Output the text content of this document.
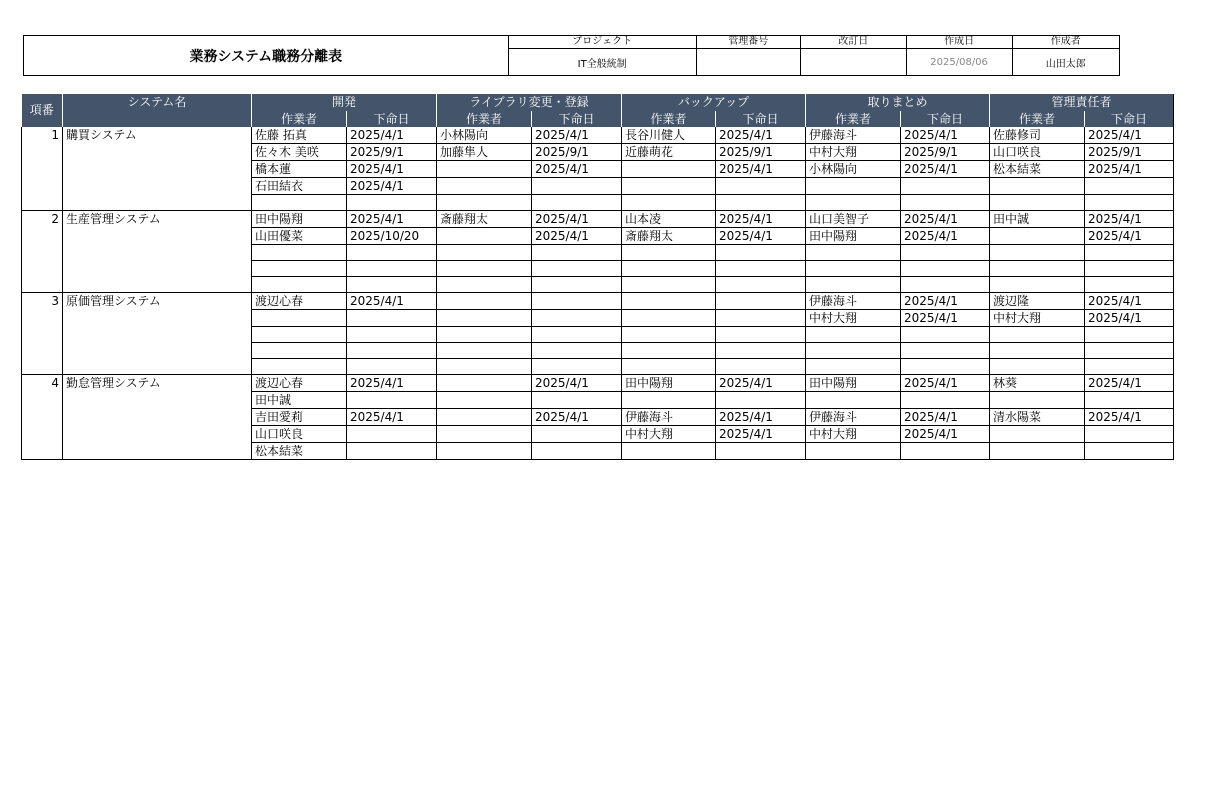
業務システム職務分離表
プロジェクト	管理番号	改訂日	作成日	作成者
IT全般統制			2025/08/06	山田太郎
項番	システム名	開発		ライブラリ変更・登録		バックアップ		取りまとめ		管理責任者	
		作業者	下命日	作業者	下命日	作業者	下命日	作業者	下命日	作業者	下命日
1	購買システム	佐藤 拓真	2025/4/1	小林陽向	2025/4/1	長谷川健人	2025/4/1	伊藤海斗	2025/4/1	佐藤修司	2025/4/1
		佐々木 美咲	2025/9/1	加藤隼人	2025/9/1	近藤萌花	2025/9/1	中村大翔	2025/9/1	山口咲良	2025/9/1
		橋本蓮	2025/4/1		2025/4/1		2025/4/1	小林陽向	2025/4/1	松本結菜	2025/4/1
		石田結衣	2025/4/1								

2	生産管理システム	田中陽翔	2025/4/1	斎藤翔太	2025/4/1	山本凌	2025/4/1	山口美智子	2025/4/1	田中誠	2025/4/1
		山田優菜	2025/10/20		2025/4/1	斎藤翔太	2025/4/1	田中陽翔	2025/4/1		2025/4/1

3	原価管理システム	渡辺心春	2025/4/1					伊藤海斗	2025/4/1	渡辺隆	2025/4/1
								中村大翔	2025/4/1	中村大翔	2025/4/1

4	勤怠管理システム	渡辺心春	2025/4/1		2025/4/1	田中陽翔	2025/4/1	田中陽翔	2025/4/1	林葵	2025/4/1
		田中誠									
		吉田愛莉	2025/4/1		2025/4/1	伊藤海斗	2025/4/1	伊藤海斗	2025/4/1	清水陽菜	2025/4/1
		山口咲良				中村大翔	2025/4/1	中村大翔	2025/4/1		
		松本結菜									
